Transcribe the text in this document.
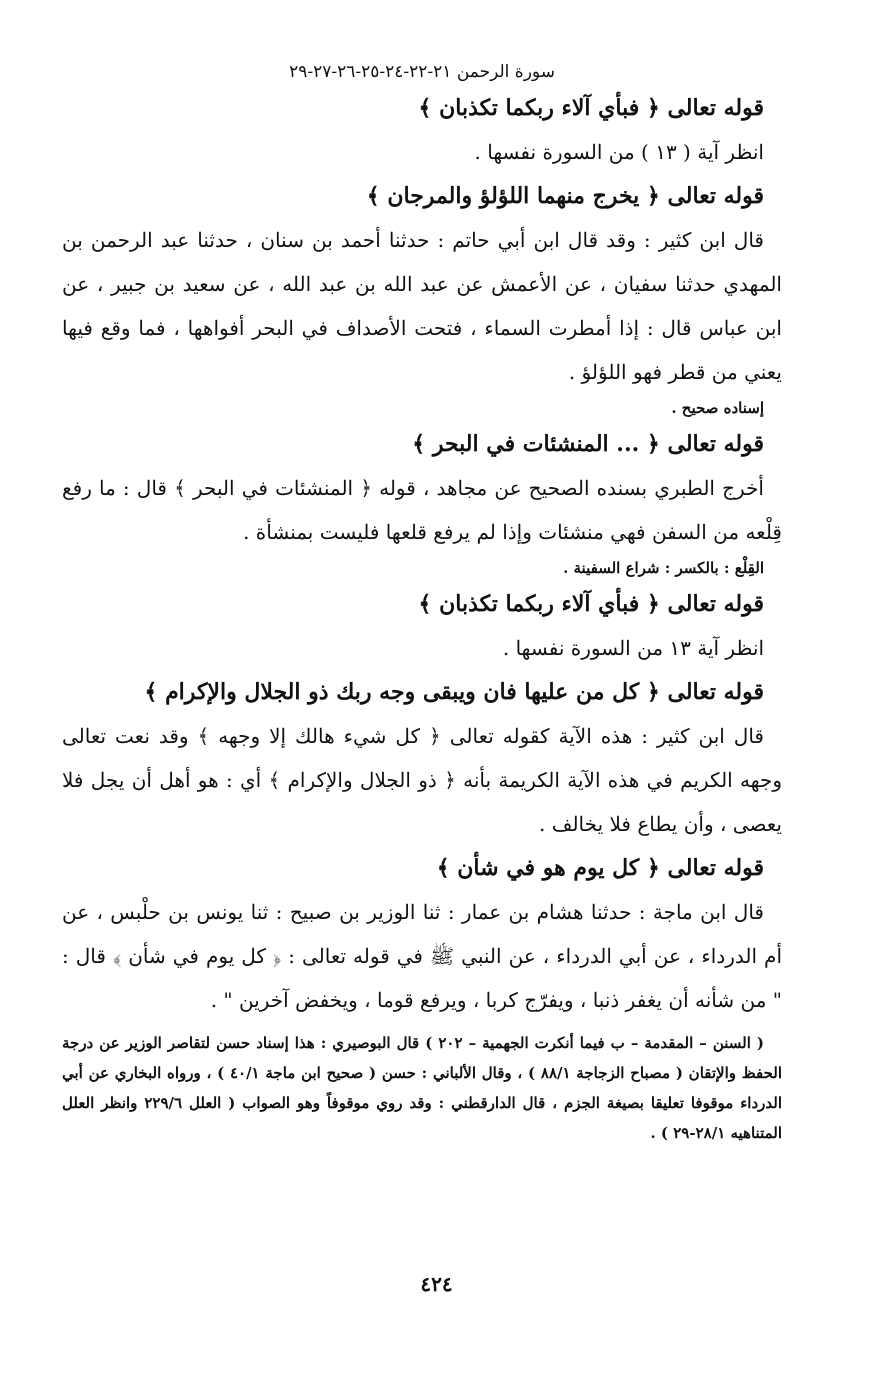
سورة الرحمن ٢١-٢٢-٢٤-٢٥-٢٦-٢٧-٢٩

قوله تعالى ﴿ فبأي آلاء ربكما تكذبان ﴾

انظر آية ( ١٣ ) من السورة نفسها .

قوله تعالى ﴿ يخرج منهما اللؤلؤ والمرجان ﴾

قال ابن كثير : وقد قال ابن أبي حاتم : حدثنا أحمد بن سنان ، حدثنا عبد الرحمن بن المهدي حدثنا سفيان ، عن الأعمش عن عبد الله بن عبد الله ، عن سعيد بن جبير ، عن ابن عباس قال : إذا أمطرت السماء ، فتحت الأصداف في البحر أفواهها ، فما وقع فيها يعني من قطر فهو اللؤلؤ .

إسناده صحيح .

قوله تعالى ﴿ ... المنشئات في البحر ﴾

أخرج الطبري بسنده الصحيح عن مجاهد ، قوله ﴿ المنشئات في البحر ﴾ قال : ما رفع قِلْعه من السفن فهي منشئات وإذا لم يرفع قلعها فليست بمنشأة .

القِلْع : بالكسر : شراع السفينة .

قوله تعالى ﴿ فبأي آلاء ربكما تكذبان ﴾

انظر آية ١٣ من السورة نفسها .

قوله تعالى ﴿ كل من عليها فان ويبقى وجه ربك ذو الجلال والإكرام ﴾

قال ابن كثير : هذه الآية كقوله تعالى ﴿ كل شيء هالك إلا وجهه ﴾ وقد نعت تعالى وجهه الكريم في هذه الآية الكريمة بأنه ﴿ ذو الجلال والإكرام ﴾ أي : هو أهل أن يجل فلا يعصى ، وأن يطاع فلا يخالف .

قوله تعالى ﴿ كل يوم هو في شأن ﴾

قال ابن ماجة : حدثنا هشام بن عمار : ثنا الوزير بن صبيح : ثنا يونس بن حلْبس ، عن أم الدرداء ، عن أبي الدرداء ، عن النبي ﷺ في قوله تعالى : ﴿ كل يوم في شأن ﴾ قال : " من شأنه أن يغفر ذنبا ، ويفرّج كربا ، ويرفع قوما ، ويخفض آخرين " .

( السنن – المقدمة – ب فيما أنكرت الجهمية – ٢٠٢ ) قال البوصيري : هذا إسناد حسن لتقاصر الوزير عن درجة الحفظ والإتقان ( مصباح الزجاجة ٨٨/١ ) ، وقال الألباني : حسن ( صحيح ابن ماجة ٤٠/١ ) ، ورواه البخاري عن أبي الدرداء موقوفا تعليقا بصيغة الجزم ، قال الدارقطني : وقد روي موقوفاً وهو الصواب ( العلل ٢٢٩/٦ وانظر العلل المتناهيه ٢٨/١-٢٩ ) .

٤٢٤
